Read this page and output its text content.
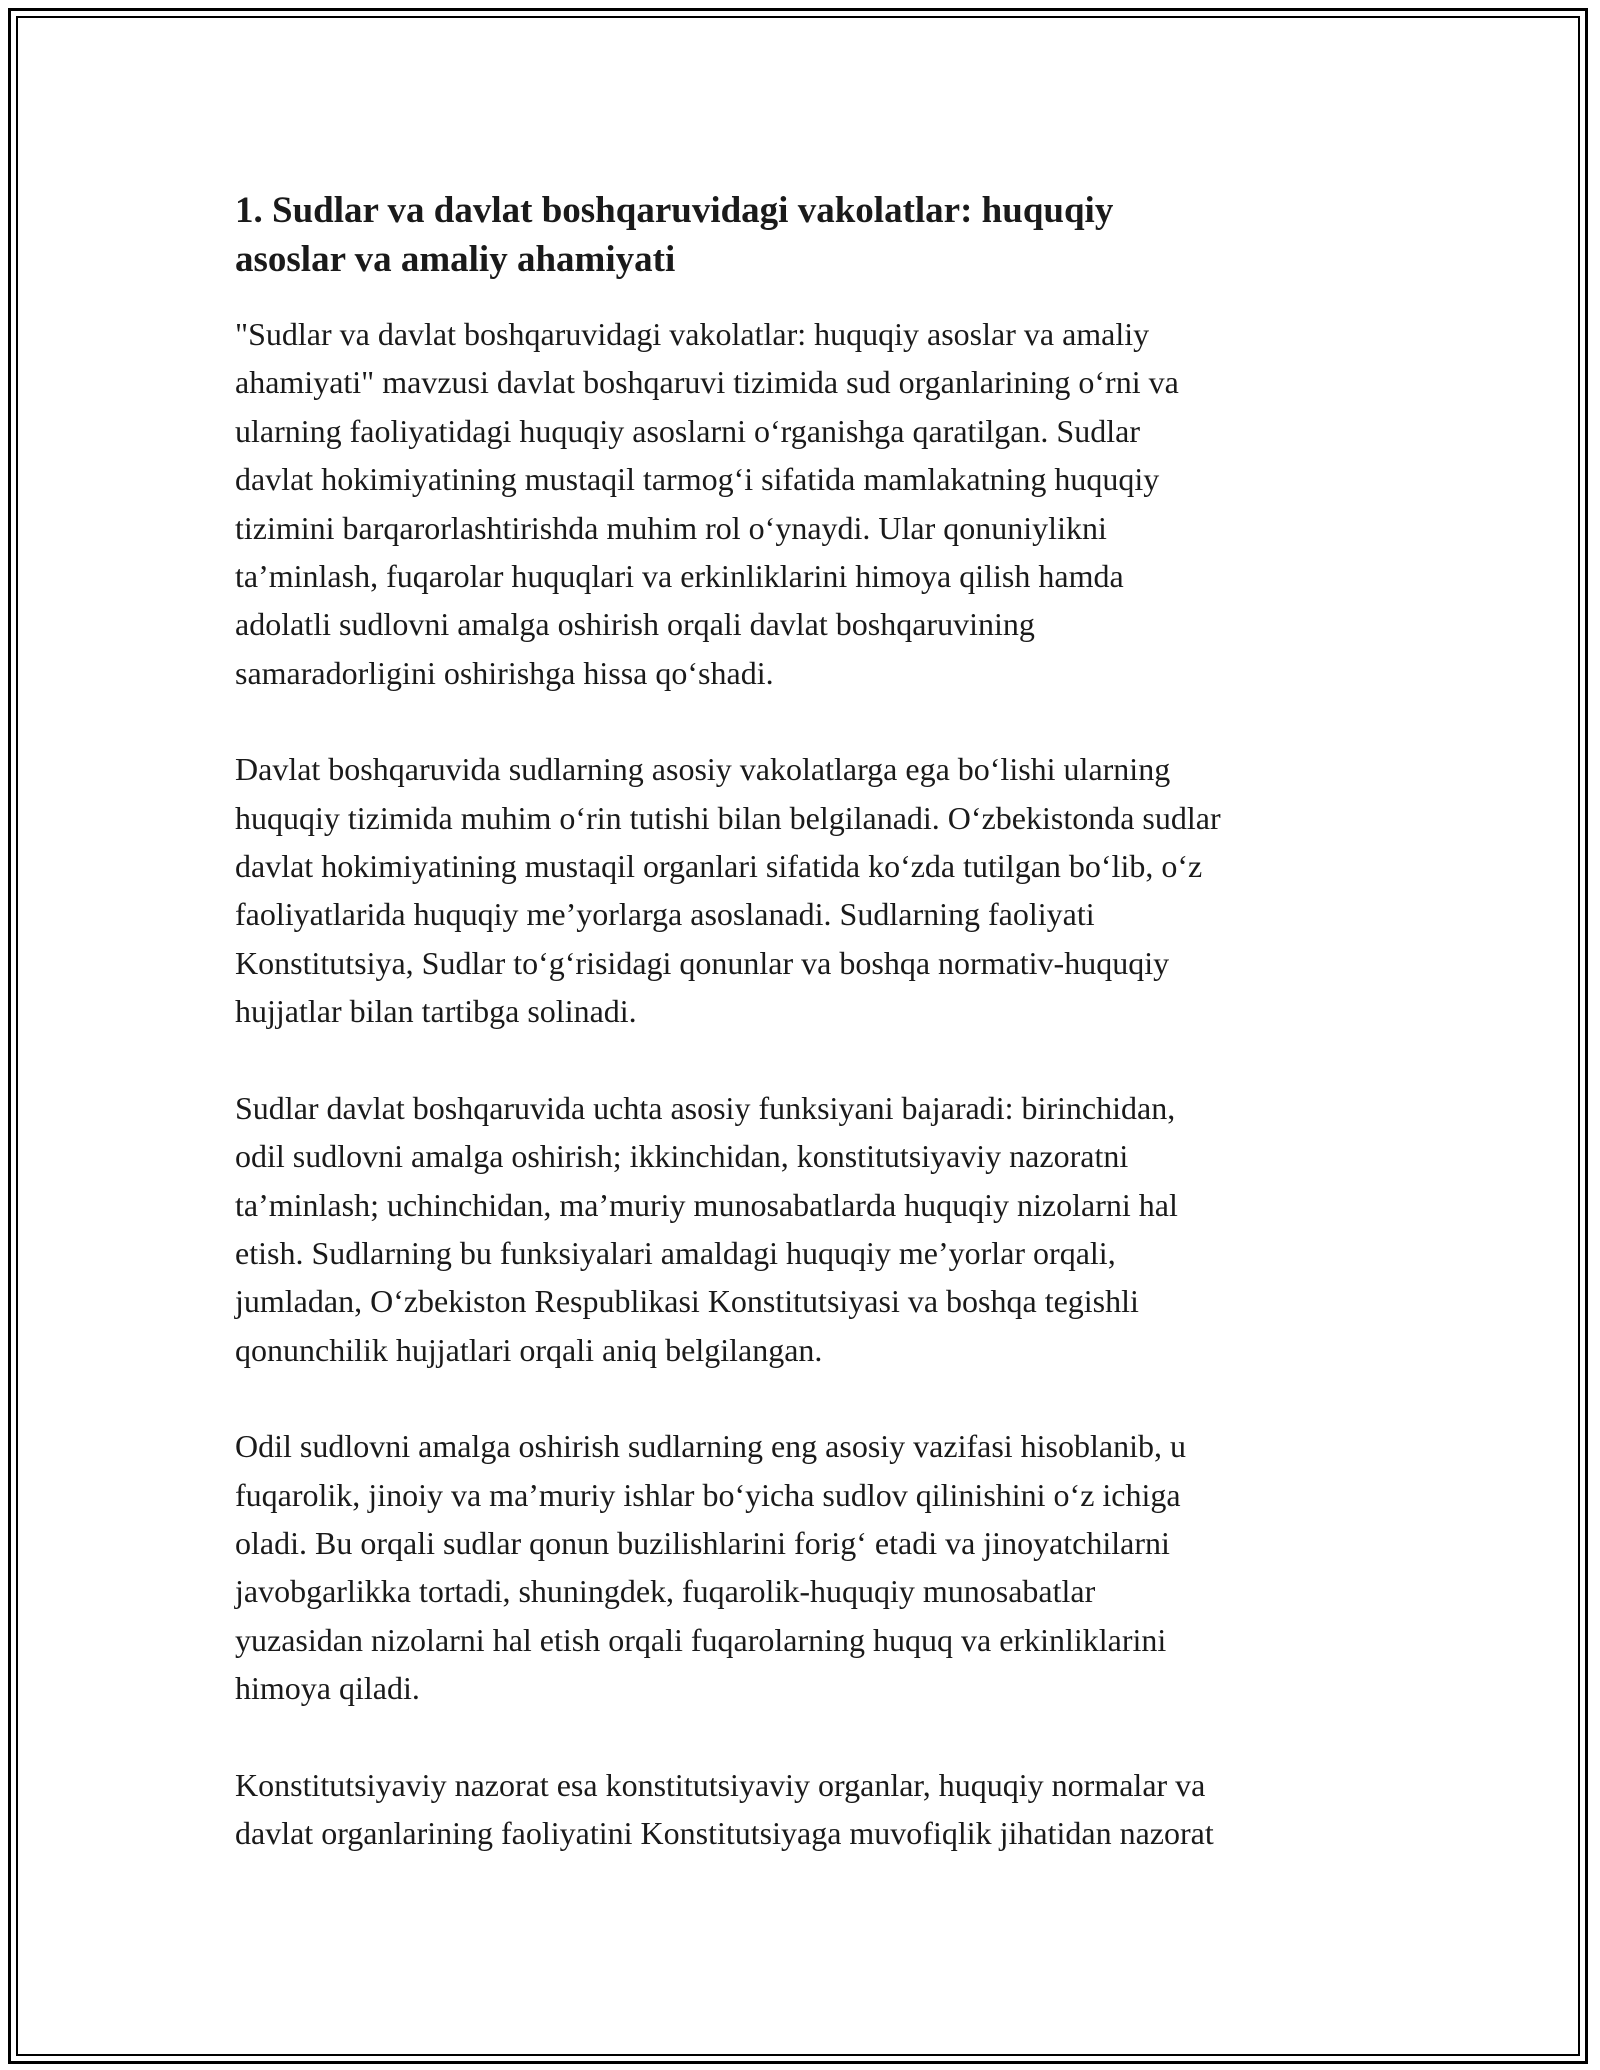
1. Sudlar va davlat boshqaruvidagi vakolatlar: huquqiy
asoslar va amaliy ahamiyati

"Sudlar va davlat boshqaruvidagi vakolatlar: huquqiy asoslar va amaliy
ahamiyati" mavzusi davlat boshqaruvi tizimida sud organlarining o‘rni va
ularning faoliyatidagi huquqiy asoslarni o‘rganishga qaratilgan. Sudlar
davlat hokimiyatining mustaqil tarmog‘i sifatida mamlakatning huquqiy
tizimini barqarorlashtirishda muhim rol o‘ynaydi. Ular qonuniylikni
ta’minlash, fuqarolar huquqlari va erkinliklarini himoya qilish hamda
adolatli sudlovni amalga oshirish orqali davlat boshqaruvining
samaradorligini oshirishga hissa qo‘shadi.

Davlat boshqaruvida sudlarning asosiy vakolatlarga ega bo‘lishi ularning
huquqiy tizimida muhim o‘rin tutishi bilan belgilanadi. O‘zbekistonda sudlar
davlat hokimiyatining mustaqil organlari sifatida ko‘zda tutilgan bo‘lib, o‘z
faoliyatlarida huquqiy me’yorlarga asoslanadi. Sudlarning faoliyati
Konstitutsiya, Sudlar to‘g‘risidagi qonunlar va boshqa normativ-huquqiy
hujjatlar bilan tartibga solinadi.

Sudlar davlat boshqaruvida uchta asosiy funksiyani bajaradi: birinchidan,
odil sudlovni amalga oshirish; ikkinchidan, konstitutsiyaviy nazoratni
ta’minlash; uchinchidan, ma’muriy munosabatlarda huquqiy nizolarni hal
etish. Sudlarning bu funksiyalari amaldagi huquqiy me’yorlar orqali,
jumladan, O‘zbekiston Respublikasi Konstitutsiyasi va boshqa tegishli
qonunchilik hujjatlari orqali aniq belgilangan.

Odil sudlovni amalga oshirish sudlarning eng asosiy vazifasi hisoblanib, u
fuqarolik, jinoiy va ma’muriy ishlar bo‘yicha sudlov qilinishini o‘z ichiga
oladi. Bu orqali sudlar qonun buzilishlarini forig‘ etadi va jinoyatchilarni
javobgarlikka tortadi, shuningdek, fuqarolik-huquqiy munosabatlar
yuzasidan nizolarni hal etish orqali fuqarolarning huquq va erkinliklarini
himoya qiladi.

Konstitutsiyaviy nazorat esa konstitutsiyaviy organlar, huquqiy normalar va
davlat organlarining faoliyatini Konstitutsiyaga muvofiqlik jihatidan nazorat
